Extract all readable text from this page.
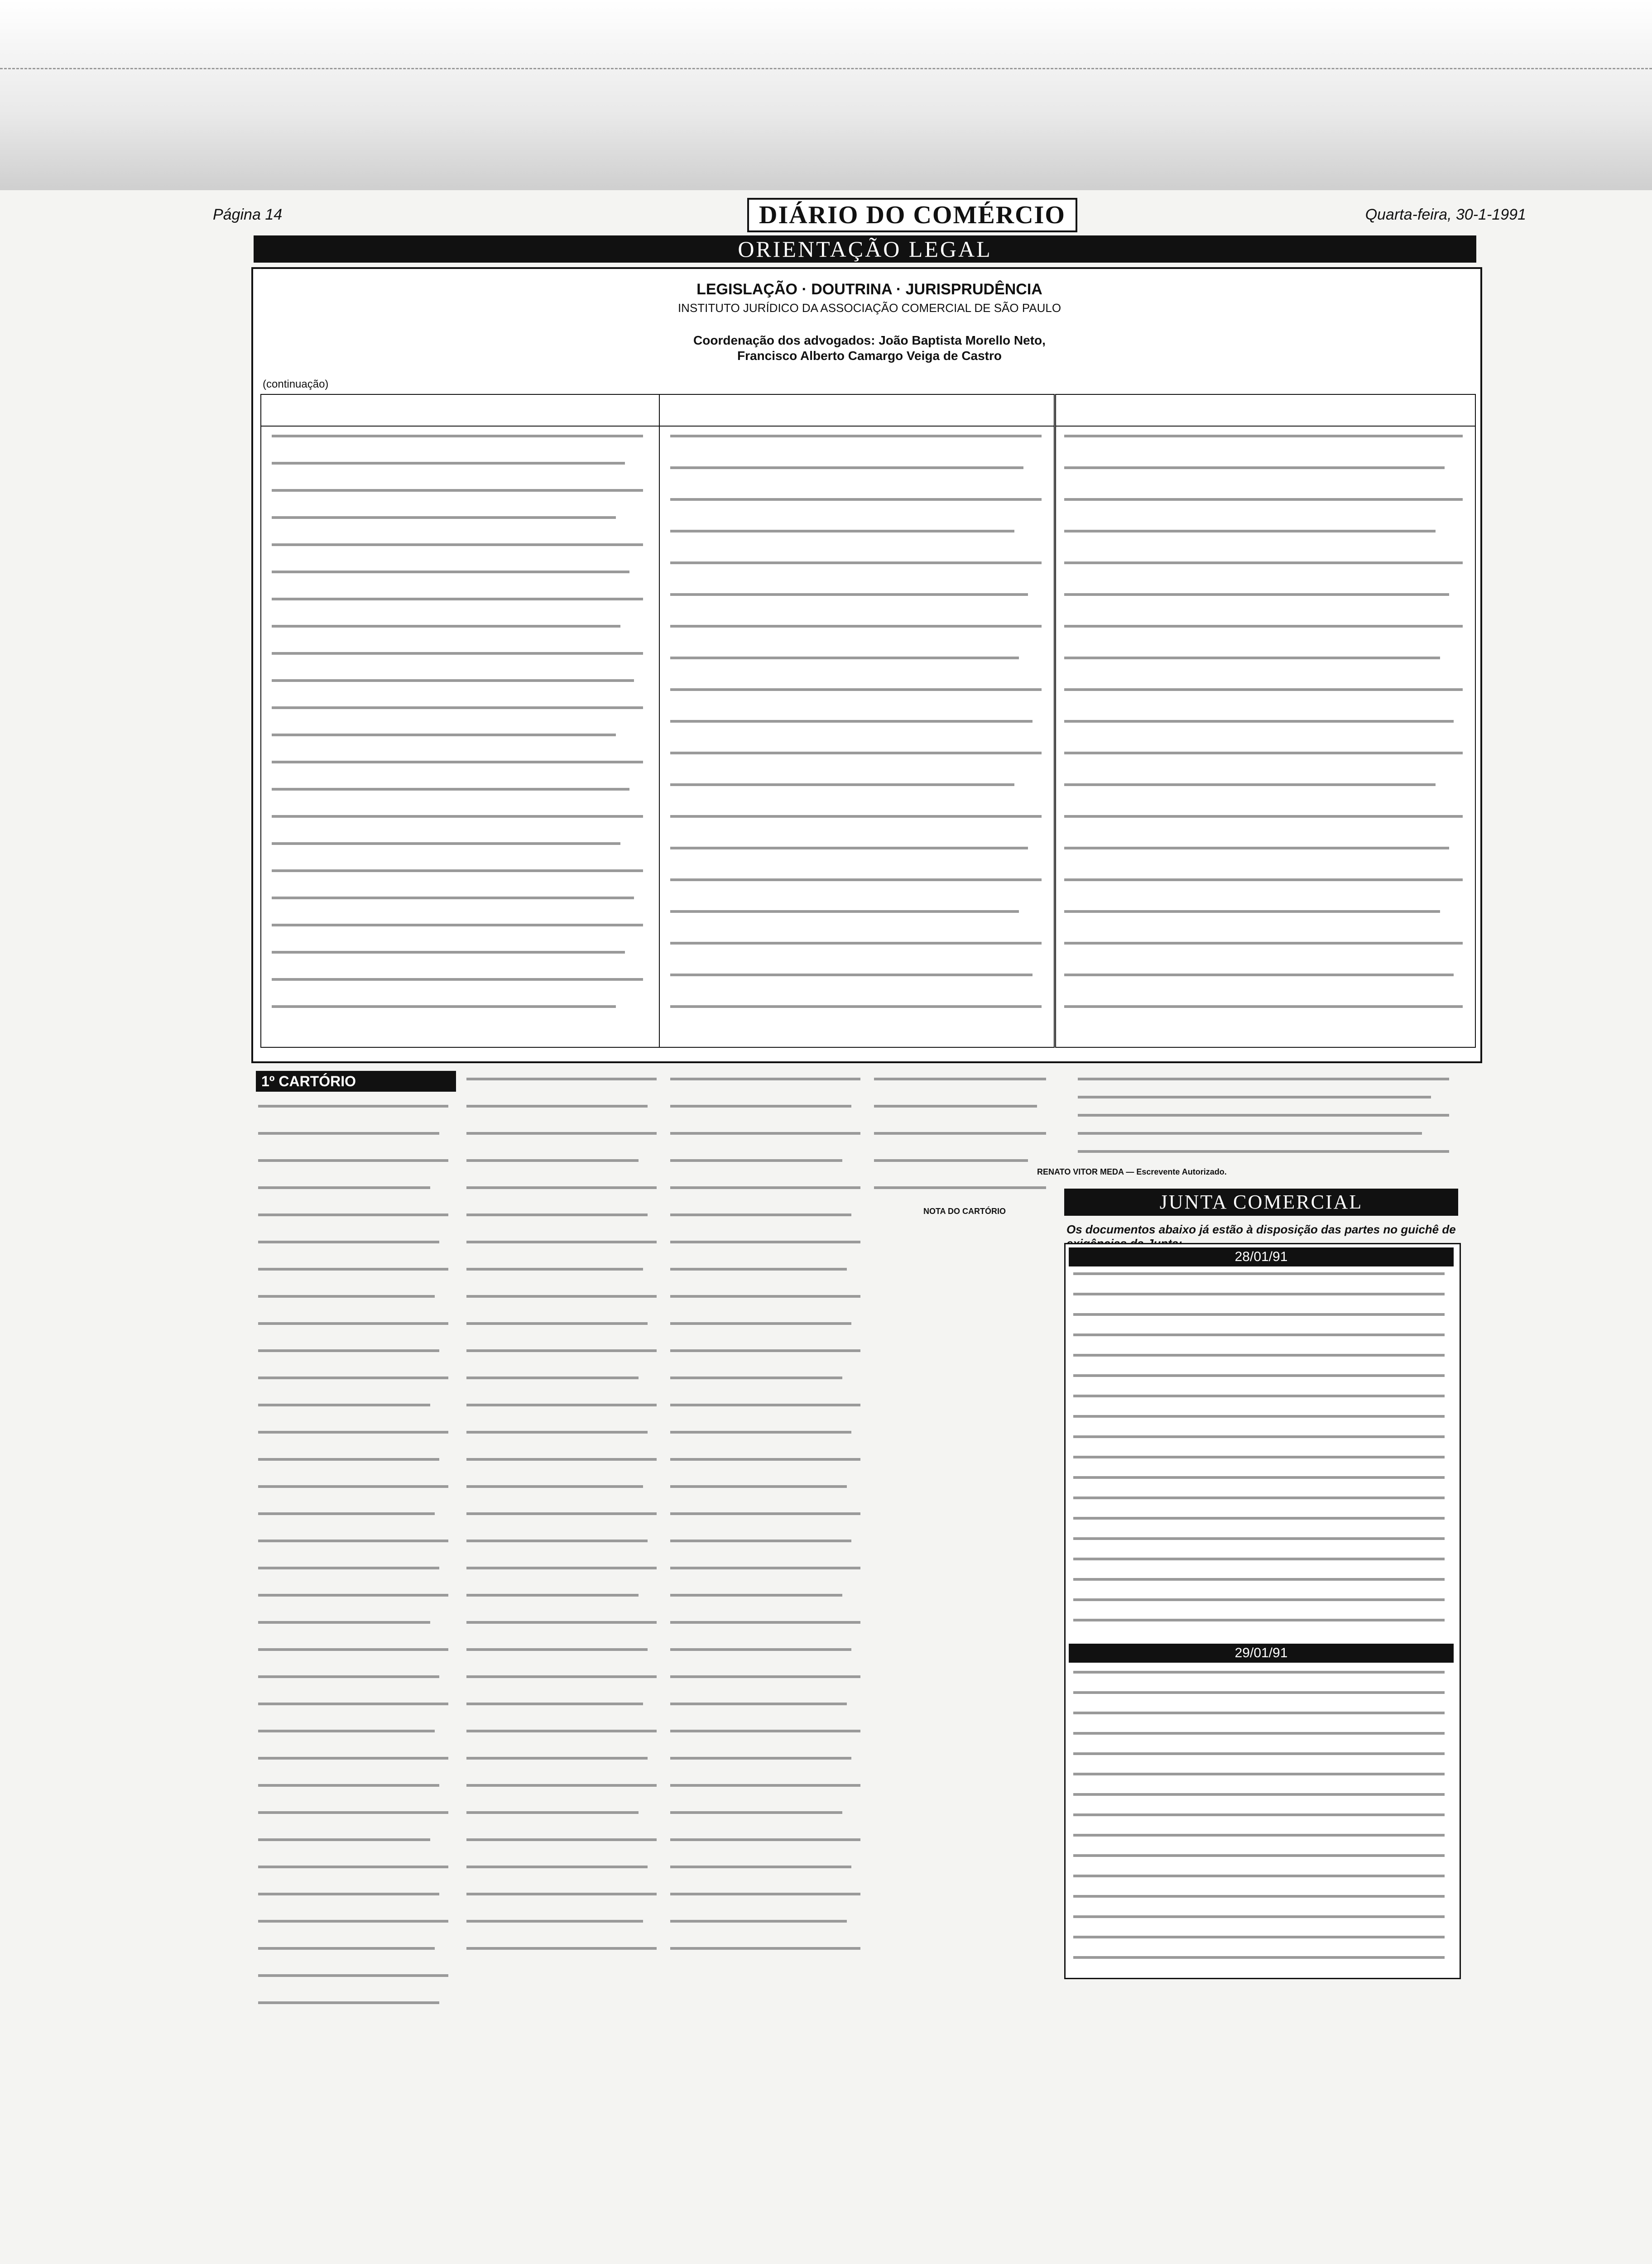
Página 14	DIÁRIO DO COMÉRCIO	Quarta-feira, 30-1-1991
ORIENTAÇÃO LEGAL
LEGISLAÇÃO · DOUTRINA · JURISPRUDÊNCIA
INSTITUTO JURÍDICO DA ASSOCIAÇÃO COMERCIAL DE SÃO PAULO
Coordenação dos advogados: João Baptista Morello Neto,
Francisco Alberto Camargo Veiga de Castro
(continuação)
1º CARTÓRIO
NOTA DO CARTÓRIO
RENATO VITOR MEDA — Escrevente Autorizado.
JUNTA COMERCIAL
Os documentos abaixo já estão à disposição das partes no guichê de
28/01/91
29/01/91
